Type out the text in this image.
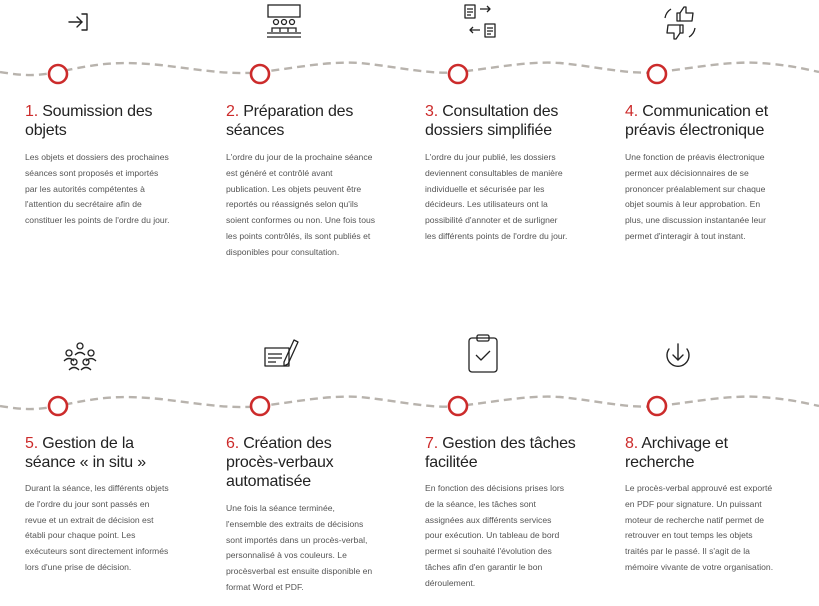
1. Soumission des objets
Les objets et dossiers des prochaines séances sont proposés et importés par les autorités compétentes à l'attention du secrétaire afin de constituer les points de l'ordre du jour.
2. Préparation des séances
L'ordre du jour de la prochaine séance est généré et contrôlé avant publication. Les objets peuvent être reportés ou réassignés selon qu'ils soient conformes ou non. Une fois tous les points contrôlés, ils sont publiés et disponibles pour consultation.
3. Consultation des dossiers simplifiée
L'ordre du jour publié, les dossiers deviennent consultables de manière individuelle et sécurisée par les décideurs. Les utilisateurs ont la possibilité d'annoter et de surligner les différents points de l'ordre du jour.
4. Communication et préavis électronique
Une fonction de préavis électronique permet aux décisionnaires de se prononcer préalablement sur chaque objet soumis à leur approbation. En plus, une discussion instantanée leur permet d'interagir à tout instant.
5. Gestion de la séance « in situ »
Durant la séance, les différents objets de l'ordre du jour sont passés en revue et un extrait de décision est établi pour chaque point. Les exécuteurs sont directement informés lors d'une prise de décision.
6. Création des procès-verbaux automatisée
Une fois la séance terminée, l'ensemble des extraits de décisions sont importés dans un procès-verbal, personnalisé à vos couleurs. Le procèsverbal est ensuite disponible en format Word et PDF.
7. Gestion des tâches facilitée
En fonction des décisions prises lors de la séance, les tâches sont assignées aux différents services pour exécution. Un tableau de bord permet si souhaité l'évolution des tâches afin d'en garantir le bon déroulement.
8. Archivage et recherche
Le procès-verbal approuvé est exporté en PDF pour signature. Un puissant moteur de recherche natif permet de retrouver en tout temps les objets traités par le passé. Il s'agit de la mémoire vivante de votre organisation.
